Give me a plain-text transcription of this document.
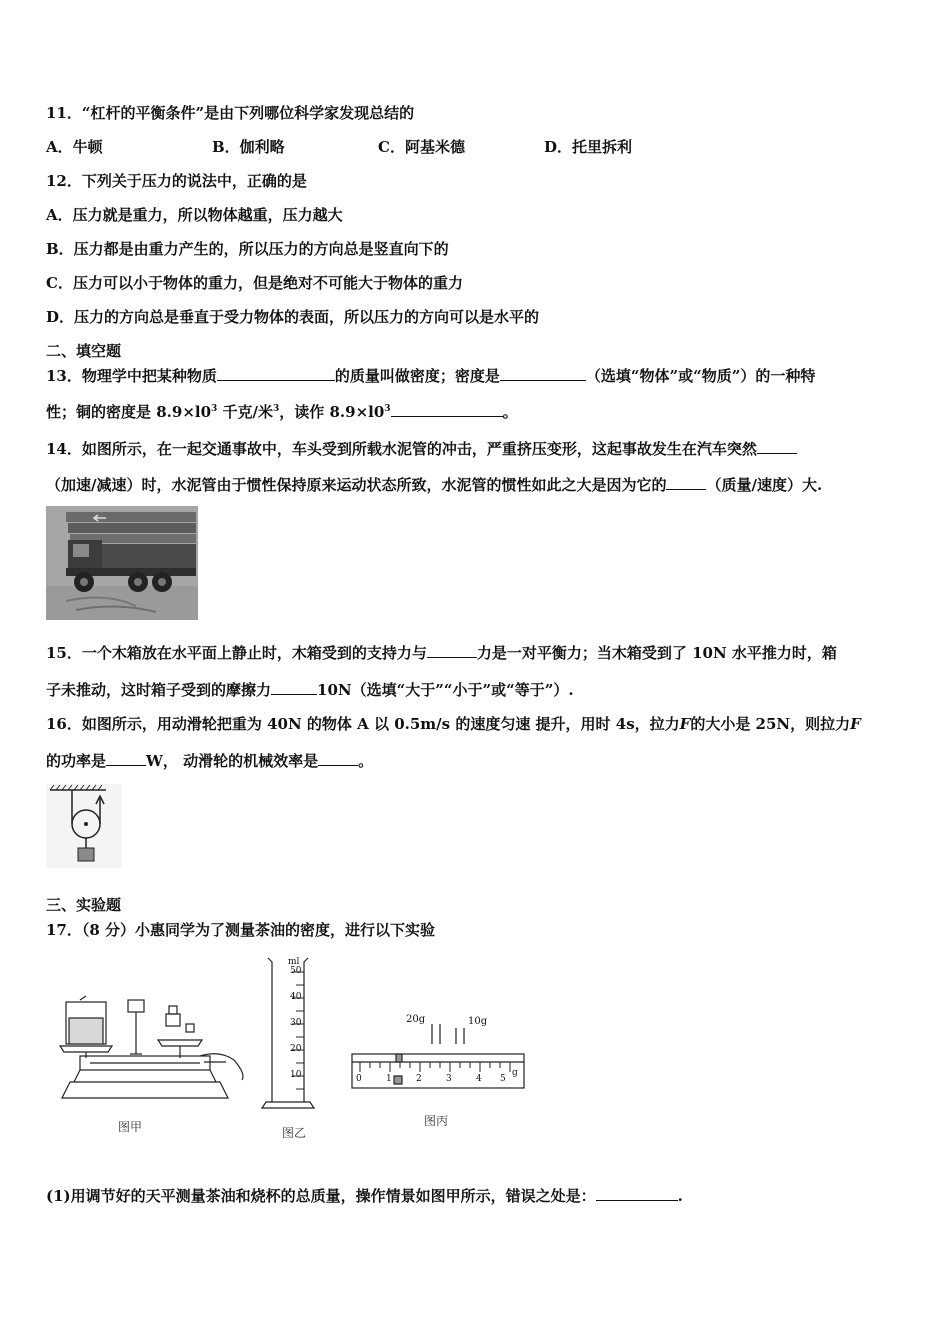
11．“杠杆的平衡条件”是由下列哪位科学家发现总结的
A．牛顿	B．伽利略	C．阿基米德	D．托里拆利
12．下列关于压力的说法中，正确的是
A．压力就是重力，所以物体越重，压力越大
B．压力都是由重力产生的，所以压力的方向总是竖直向下的
C．压力可以小于物体的重力，但是绝对不可能大于物体的重力
D．压力的方向总是垂直于受力物体的表面，所以压力的方向可以是水平的
二、填空题
13．物理学中把某种物质	的质量叫做密度；密度是	（选填“物体”或“物质”）的一种特
性；铜的密度是 $8.9\times l0^3$ 千克/米$^3$，读作 $8.9\times l0^3$	。
14．如图所示，在一起交通事故中，车头受到所载水泥管的冲击，严重挤压变形，这起事故发生在汽车突然
（加速/减速）时，水泥管由于惯性保持原来运动状态所致，水泥管的惯性如此之大是因为它的	（质量/速度）大.
15．一个木箱放在水平面上静止时，木箱受到的支持力与	力是一对平衡力；当木箱受到了 10N 水平推力时，箱
子未推动，这时箱子受到的摩擦力	10N（选填“大于”“小于”或“等于”）.
16．如图所示，用动滑轮把重为 40N 的物体 A 以 0.5m/s 的速度匀速 提升，用时 4s，拉力F的大小是 25N，则拉力F
的功率是	W， 动滑轮的机械效率是	。
三、实验题
17．（8 分）小惠同学为了测量茶油的密度，进行以下实验
图甲
ml
50
40
30
20
10
图乙
20g	10g
0	1	2	3	4 5
g
图丙
(1)用调节好的天平测量茶油和烧杯的总质量，操作情景如图甲所示，错误之处是：	.
